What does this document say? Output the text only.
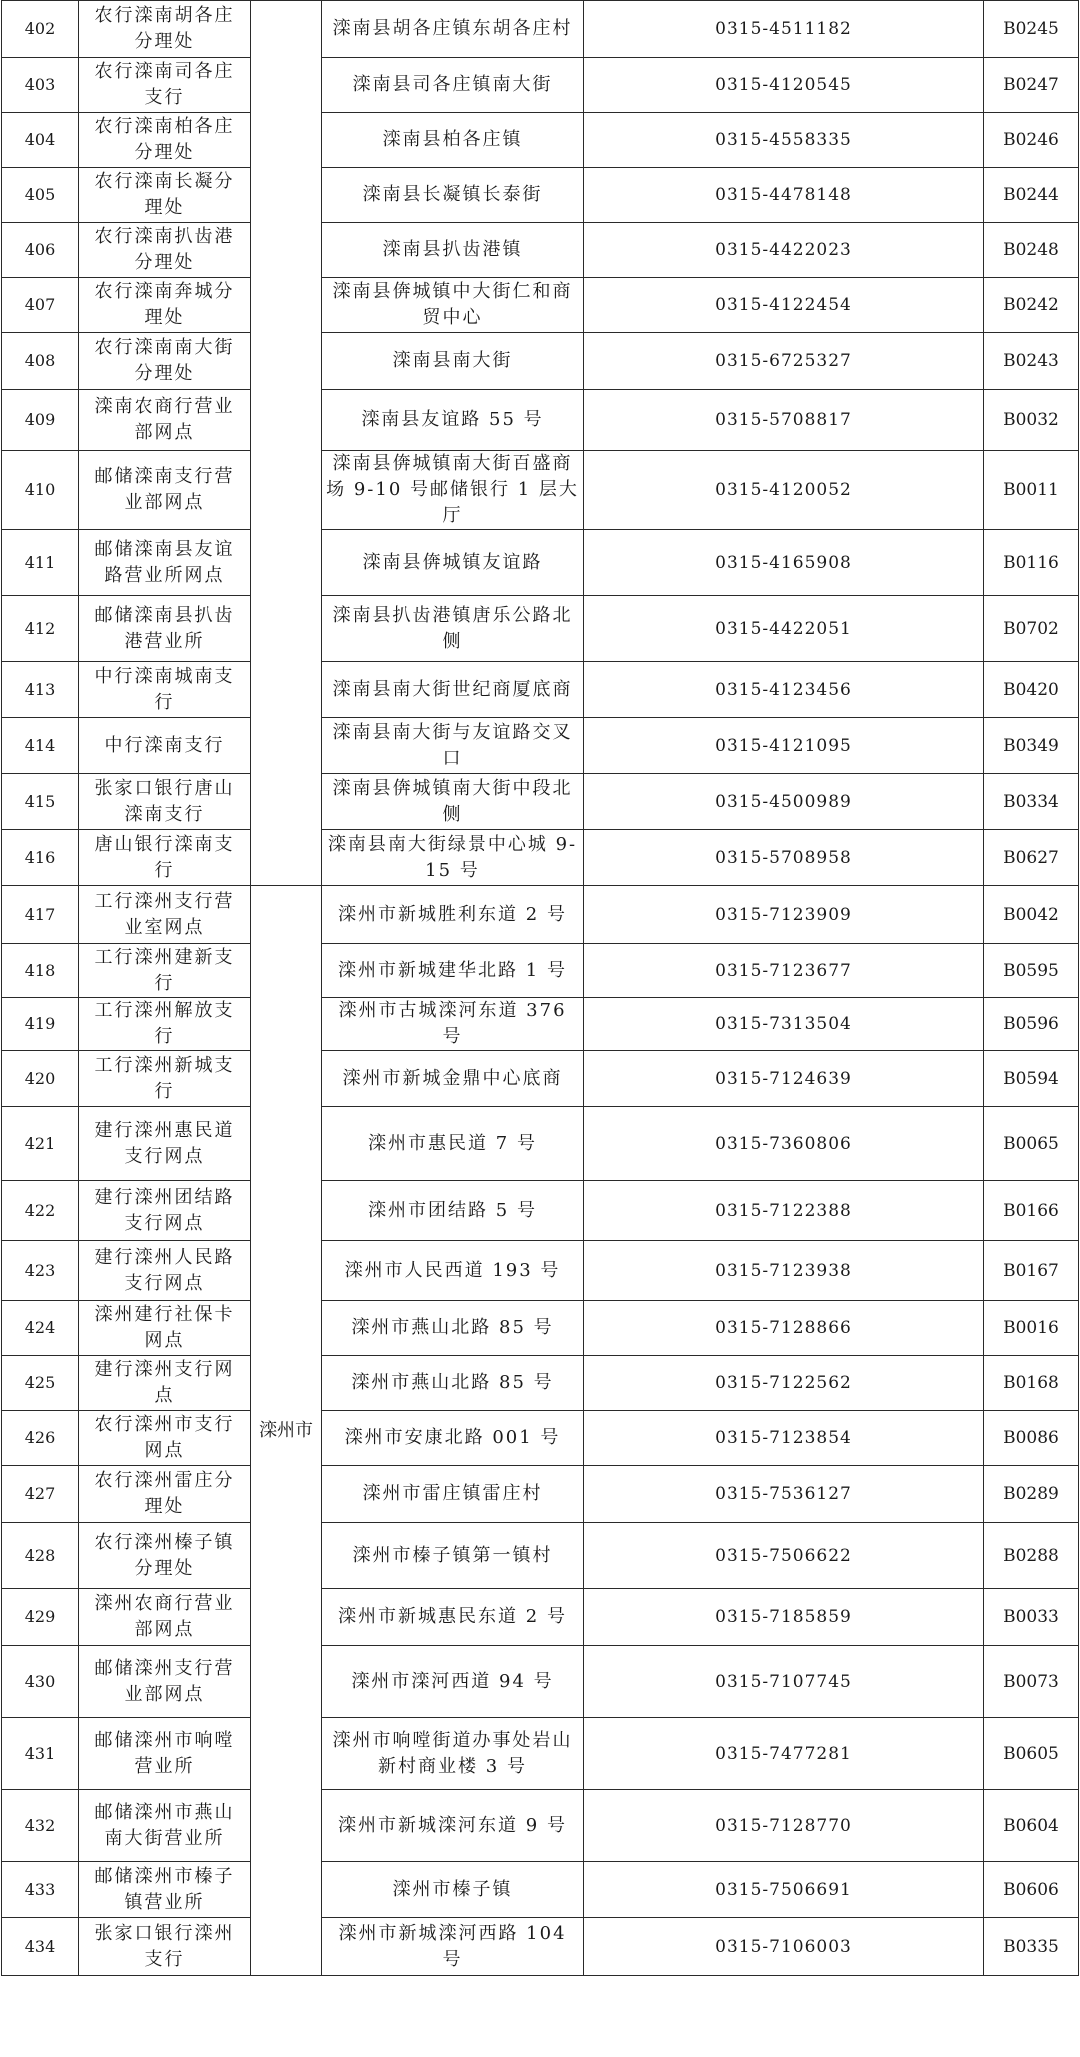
402	农行滦南胡各庄分理处		滦南县胡各庄镇东胡各庄村	0315-4511182	B0245
403	农行滦南司各庄支行		滦南县司各庄镇南大街	0315-4120545	B0247
404	农行滦南柏各庄分理处		滦南县柏各庄镇	0315-4558335	B0246
405	农行滦南长凝分理处		滦南县长凝镇长泰街	0315-4478148	B0244
406	农行滦南扒齿港分理处		滦南县扒齿港镇	0315-4422023	B0248
407	农行滦南奔城分理处		滦南县倴城镇中大街仁和商贸中心	0315-4122454	B0242
408	农行滦南南大街分理处		滦南县南大街	0315-6725327	B0243
409	滦南农商行营业部网点		滦南县友谊路 55 号	0315-5708817	B0032
410	邮储滦南支行营业部网点		滦南县倴城镇南大街百盛商场 9-10 号邮储银行 1 层大厅	0315-4120052	B0011
411	邮储滦南县友谊路营业所网点		滦南县倴城镇友谊路	0315-4165908	B0116
412	邮储滦南县扒齿港营业所		滦南县扒齿港镇唐乐公路北侧	0315-4422051	B0702
413	中行滦南城南支行		滦南县南大街世纪商厦底商	0315-4123456	B0420
414	中行滦南支行		滦南县南大街与友谊路交叉口	0315-4121095	B0349
415	张家口银行唐山滦南支行		滦南县倴城镇南大街中段北侧	0315-4500989	B0334
416	唐山银行滦南支行		滦南县南大街绿景中心城 9-15 号	0315-5708958	B0627
417	工行滦州支行营业室网点	滦州市	滦州市新城胜利东道 2 号	0315-7123909	B0042
418	工行滦州建新支行		滦州市新城建华北路 1 号	0315-7123677	B0595
419	工行滦州解放支行		滦州市古城滦河东道 376 号	0315-7313504	B0596
420	工行滦州新城支行		滦州市新城金鼎中心底商	0315-7124639	B0594
421	建行滦州惠民道支行网点		滦州市惠民道 7 号	0315-7360806	B0065
422	建行滦州团结路支行网点		滦州市团结路 5 号	0315-7122388	B0166
423	建行滦州人民路支行网点		滦州市人民西道 193 号	0315-7123938	B0167
424	滦州建行社保卡网点		滦州市燕山北路 85 号	0315-7128866	B0016
425	建行滦州支行网点		滦州市燕山北路 85 号	0315-7122562	B0168
426	农行滦州市支行网点		滦州市安康北路 001 号	0315-7123854	B0086
427	农行滦州雷庄分理处		滦州市雷庄镇雷庄村	0315-7536127	B0289
428	农行滦州榛子镇分理处		滦州市榛子镇第一镇村	0315-7506622	B0288
429	滦州农商行营业部网点		滦州市新城惠民东道 2 号	0315-7185859	B0033
430	邮储滦州支行营业部网点		滦州市滦河西道 94 号	0315-7107745	B0073
431	邮储滦州市响嘡营业所		滦州市响嘡街道办事处岩山新村商业楼 3 号	0315-7477281	B0605
432	邮储滦州市燕山南大街营业所		滦州市新城滦河东道 9 号	0315-7128770	B0604
433	邮储滦州市榛子镇营业所		滦州市榛子镇	0315-7506691	B0606
434	张家口银行滦州支行		滦州市新城滦河西路 104 号	0315-7106003	B0335
